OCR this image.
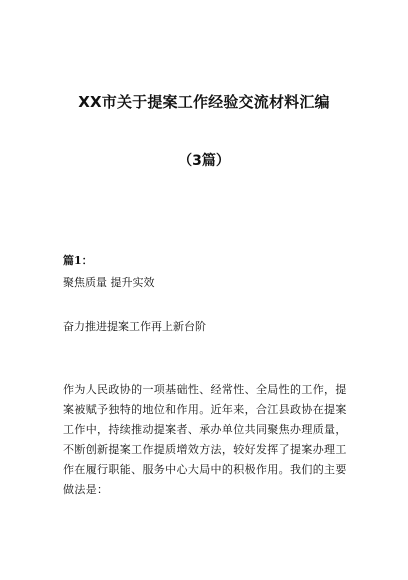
XX市关于提案工作经验交流材料汇编
（3篇）
篇1：
聚焦质量 提升实效
奋力推进提案工作再上新台阶
作为人民政协的一项基础性、经常性、全局性的工作，提
案被赋予独特的地位和作用。近年来，合江县政协在提案
工作中，持续推动提案者、承办单位共同聚焦办理质量，
不断创新提案工作提质增效方法，较好发挥了提案办理工
作在履行职能、服务中心大局中的积极作用。我们的主要
做法是：
